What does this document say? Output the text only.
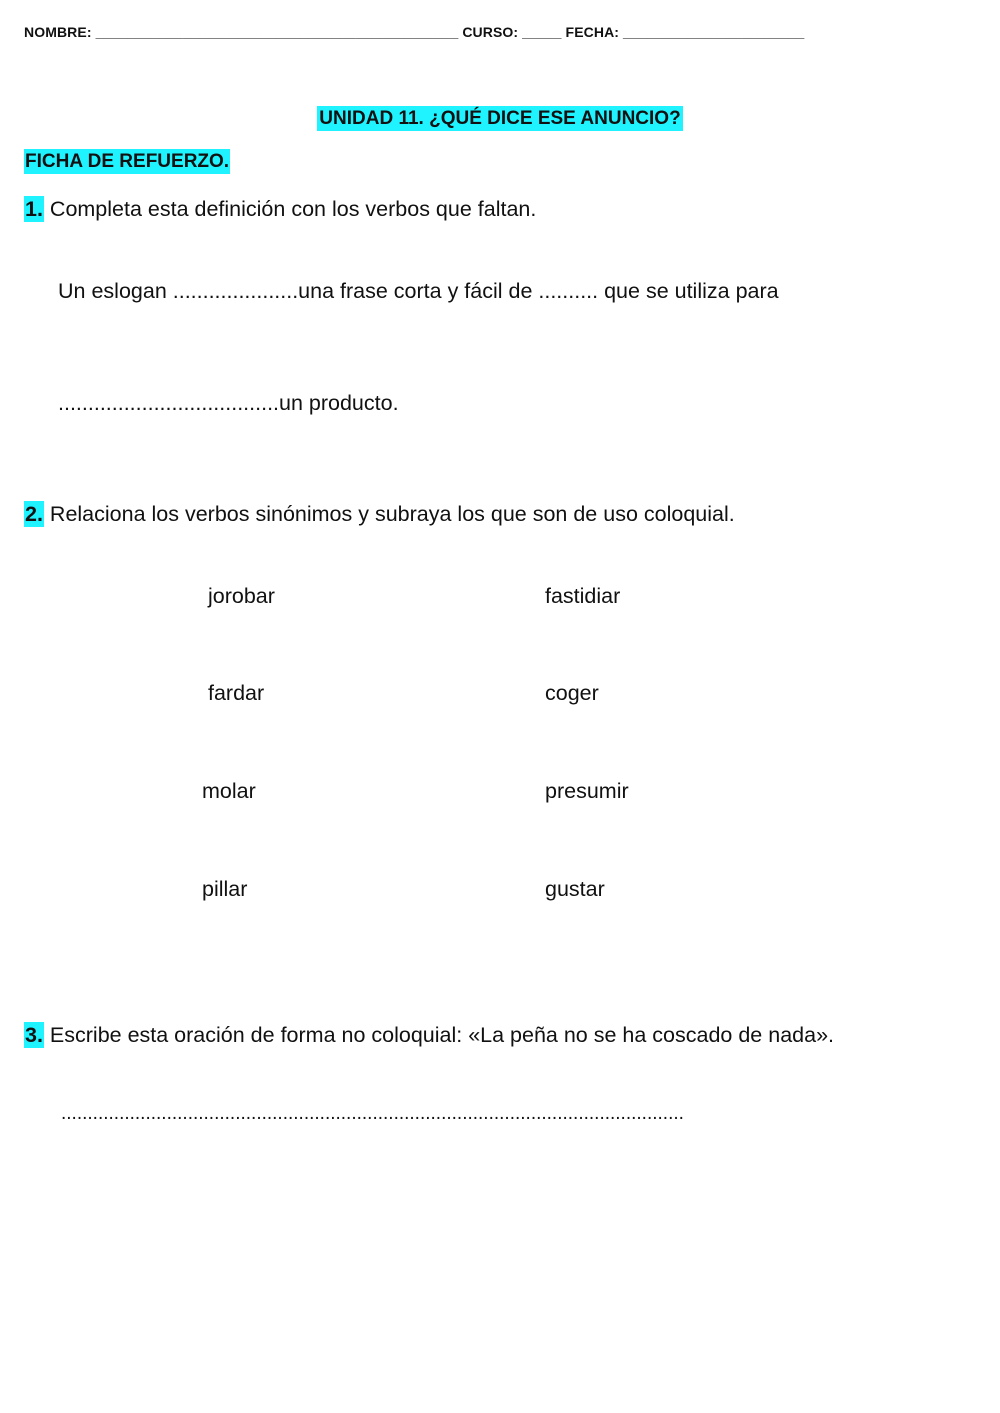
NOMBRE: ______________________________________________ CURSO: _____ FECHA: _______________________
UNIDAD 11. ¿QUÉ DICE ESE ANUNCIO?
FICHA DE REFUERZO.
1. Completa esta definición con los verbos que faltan.
Un eslogan .....................una frase corta y fácil de .......... que se utiliza para
.....................................un producto.
2. Relaciona los verbos sinónimos y subraya los que son de uso coloquial.
jorobar
fardar
molar
pillar
fastidiar
coger
presumir
gustar
3. Escribe esta oración de forma no coloquial: «La peña no se ha coscado de nada».
......................................................................................................................
